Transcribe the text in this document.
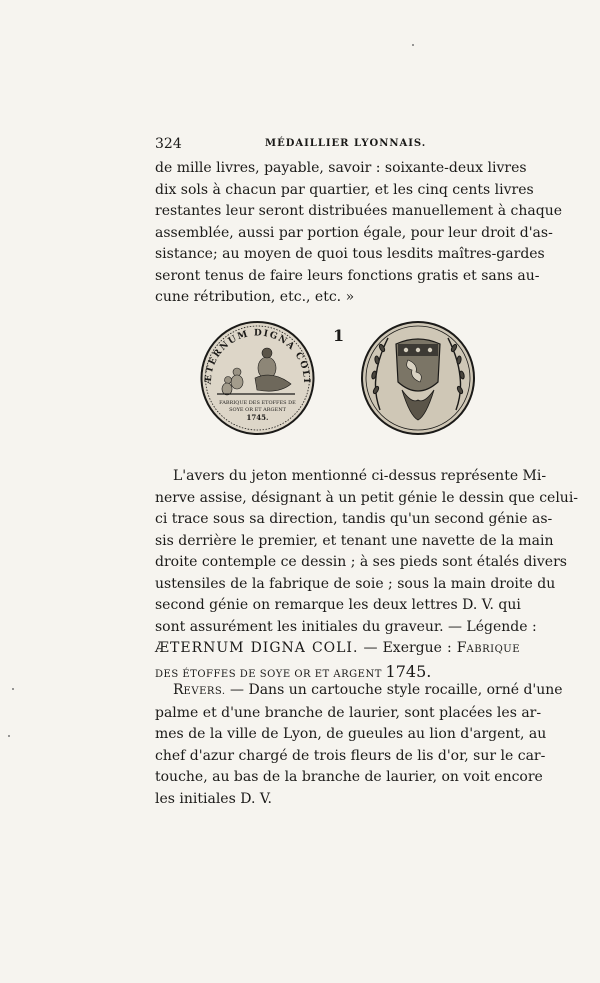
324	MÉDAILLIER LYONNAIS.
de mille livres, payable, savoir : soixante-deux livres
dix sols à chacun par quartier, et les cinq cents livres
restantes leur seront distribuées manuellement à chaque
assemblée, aussi par portion égale, pour leur droit d'as-
sistance; au moyen de quoi tous lesdits maîtres-gardes
seront tenus de faire leurs fonctions gratis et sans au-
cune rétribution, etc., etc. »
ÆTERNUM DIGNA COLI
FABRIQUE DES ETOFFES DE
SOYE OR ET ARGENT
1745.
1
L'avers du jeton mentionné ci-dessus représente Mi-
nerve assise, désignant à un petit génie le dessin que celui-
ci trace sous sa direction, tandis qu'un second génie as-
sis derrière le premier, et tenant une navette de la main
droite contemple ce dessin ; à ses pieds sont étalés divers
ustensiles de la fabrique de soie ; sous la main droite du
second génie on remarque les deux lettres D. V. qui
sont assurément les initiales du graveur. — Légende :
ÆTERNUM DIGNA COLI. — Exergue : FABRIQUE
DES ÉTOFFES DE SOYE OR ET ARGENT 1745.
REVERS. — Dans un cartouche style rocaille, orné d'une
palme et d'une branche de laurier, sont placées les ar-
mes de la ville de Lyon, de gueules au lion d'argent, au
chef d'azur chargé de trois fleurs de lis d'or, sur le car-
touche, au bas de la branche de laurier, on voit encore
les initiales D. V.
